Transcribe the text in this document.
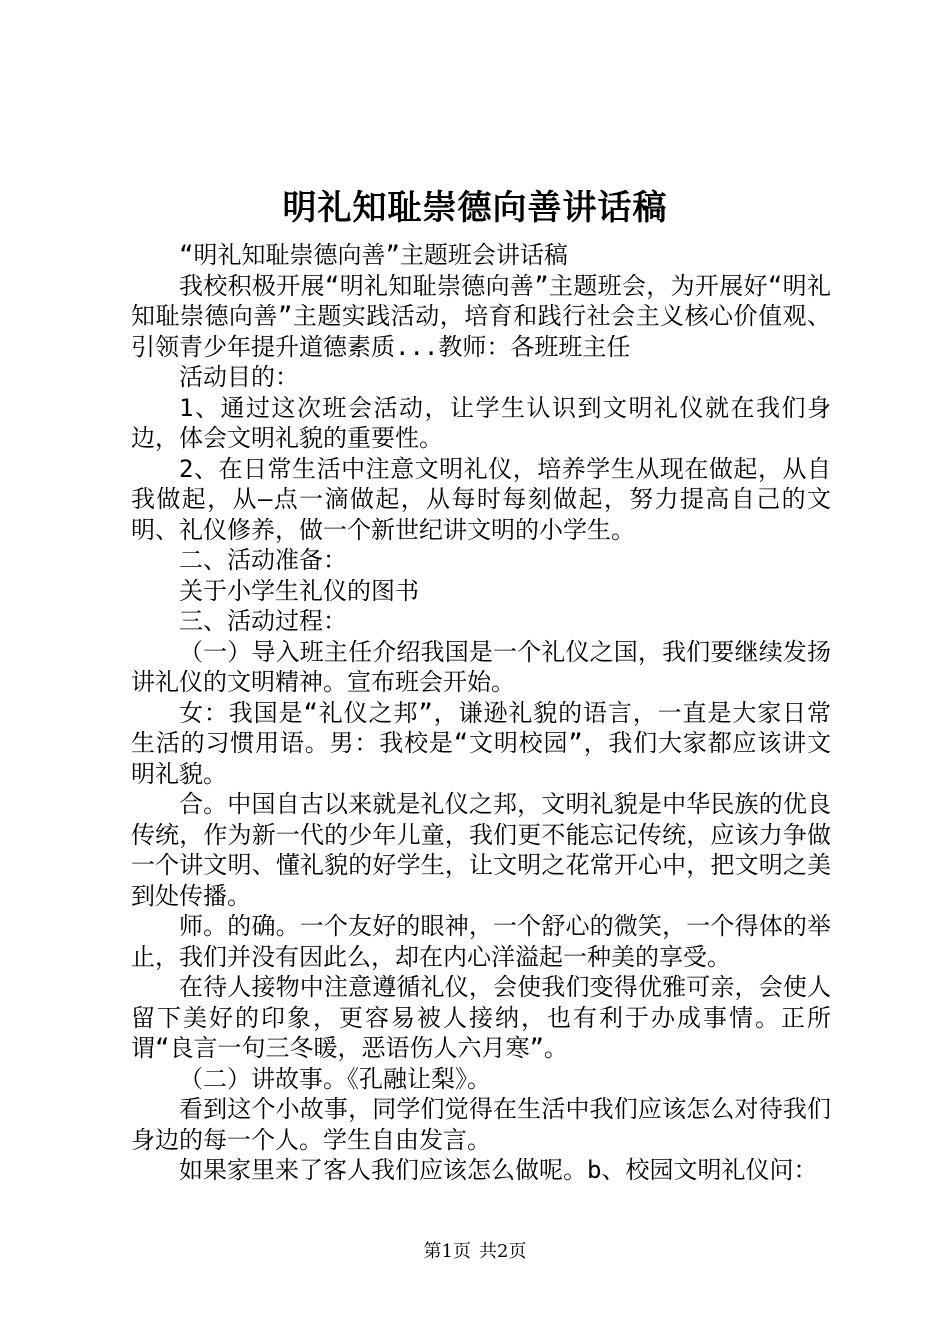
明礼知耻崇德向善讲话稿

“明礼知耻崇德向善”主题班会讲话稿

我校积极开展“明礼知耻崇德向善”主题班会，为开展好“明礼知耻崇德向善”主题实践活动，培育和践行社会主义核心价值观、引领青少年提升道德素质...教师：各班班主任

活动目的：

1、通过这次班会活动，让学生认识到文明礼仪就在我们身边，体会文明礼貌的重要性。

2、在日常生活中注意文明礼仪，培养学生从现在做起，从自我做起，从—点一滴做起，从每时每刻做起，努力提高自己的文明、礼仪修养，做一个新世纪讲文明的小学生。

二、活动准备：

关于小学生礼仪的图书

三、活动过程：

（一）导入班主任介绍我国是一个礼仪之国，我们要继续发扬讲礼仪的文明精神。宣布班会开始。

女：我国是“礼仪之邦”，谦逊礼貌的语言，一直是大家日常生活的习惯用语。男：我校是“文明校园”，我们大家都应该讲文明礼貌。

合。中国自古以来就是礼仪之邦，文明礼貌是中华民族的优良传统，作为新一代的少年儿童，我们更不能忘记传统，应该力争做一个讲文明、懂礼貌的好学生，让文明之花常开心中，把文明之美到处传播。

师。的确。一个友好的眼神，一个舒心的微笑，一个得体的举止，我们并没有因此么，却在内心洋溢起一种美的享受。

在待人接物中注意遵循礼仪，会使我们变得优雅可亲，会使人留下美好的印象，更容易被人接纳，也有利于办成事情。正所谓“良言一句三冬暖，恶语伤人六月寒”。

（二）讲故事。《孔融让梨》。

看到这个小故事，同学们觉得在生活中我们应该怎么对待我们身边的每一个人。学生自由发言。

如果家里来了客人我们应该怎么做呢。b、校园文明礼仪问：

第1页 共2页
